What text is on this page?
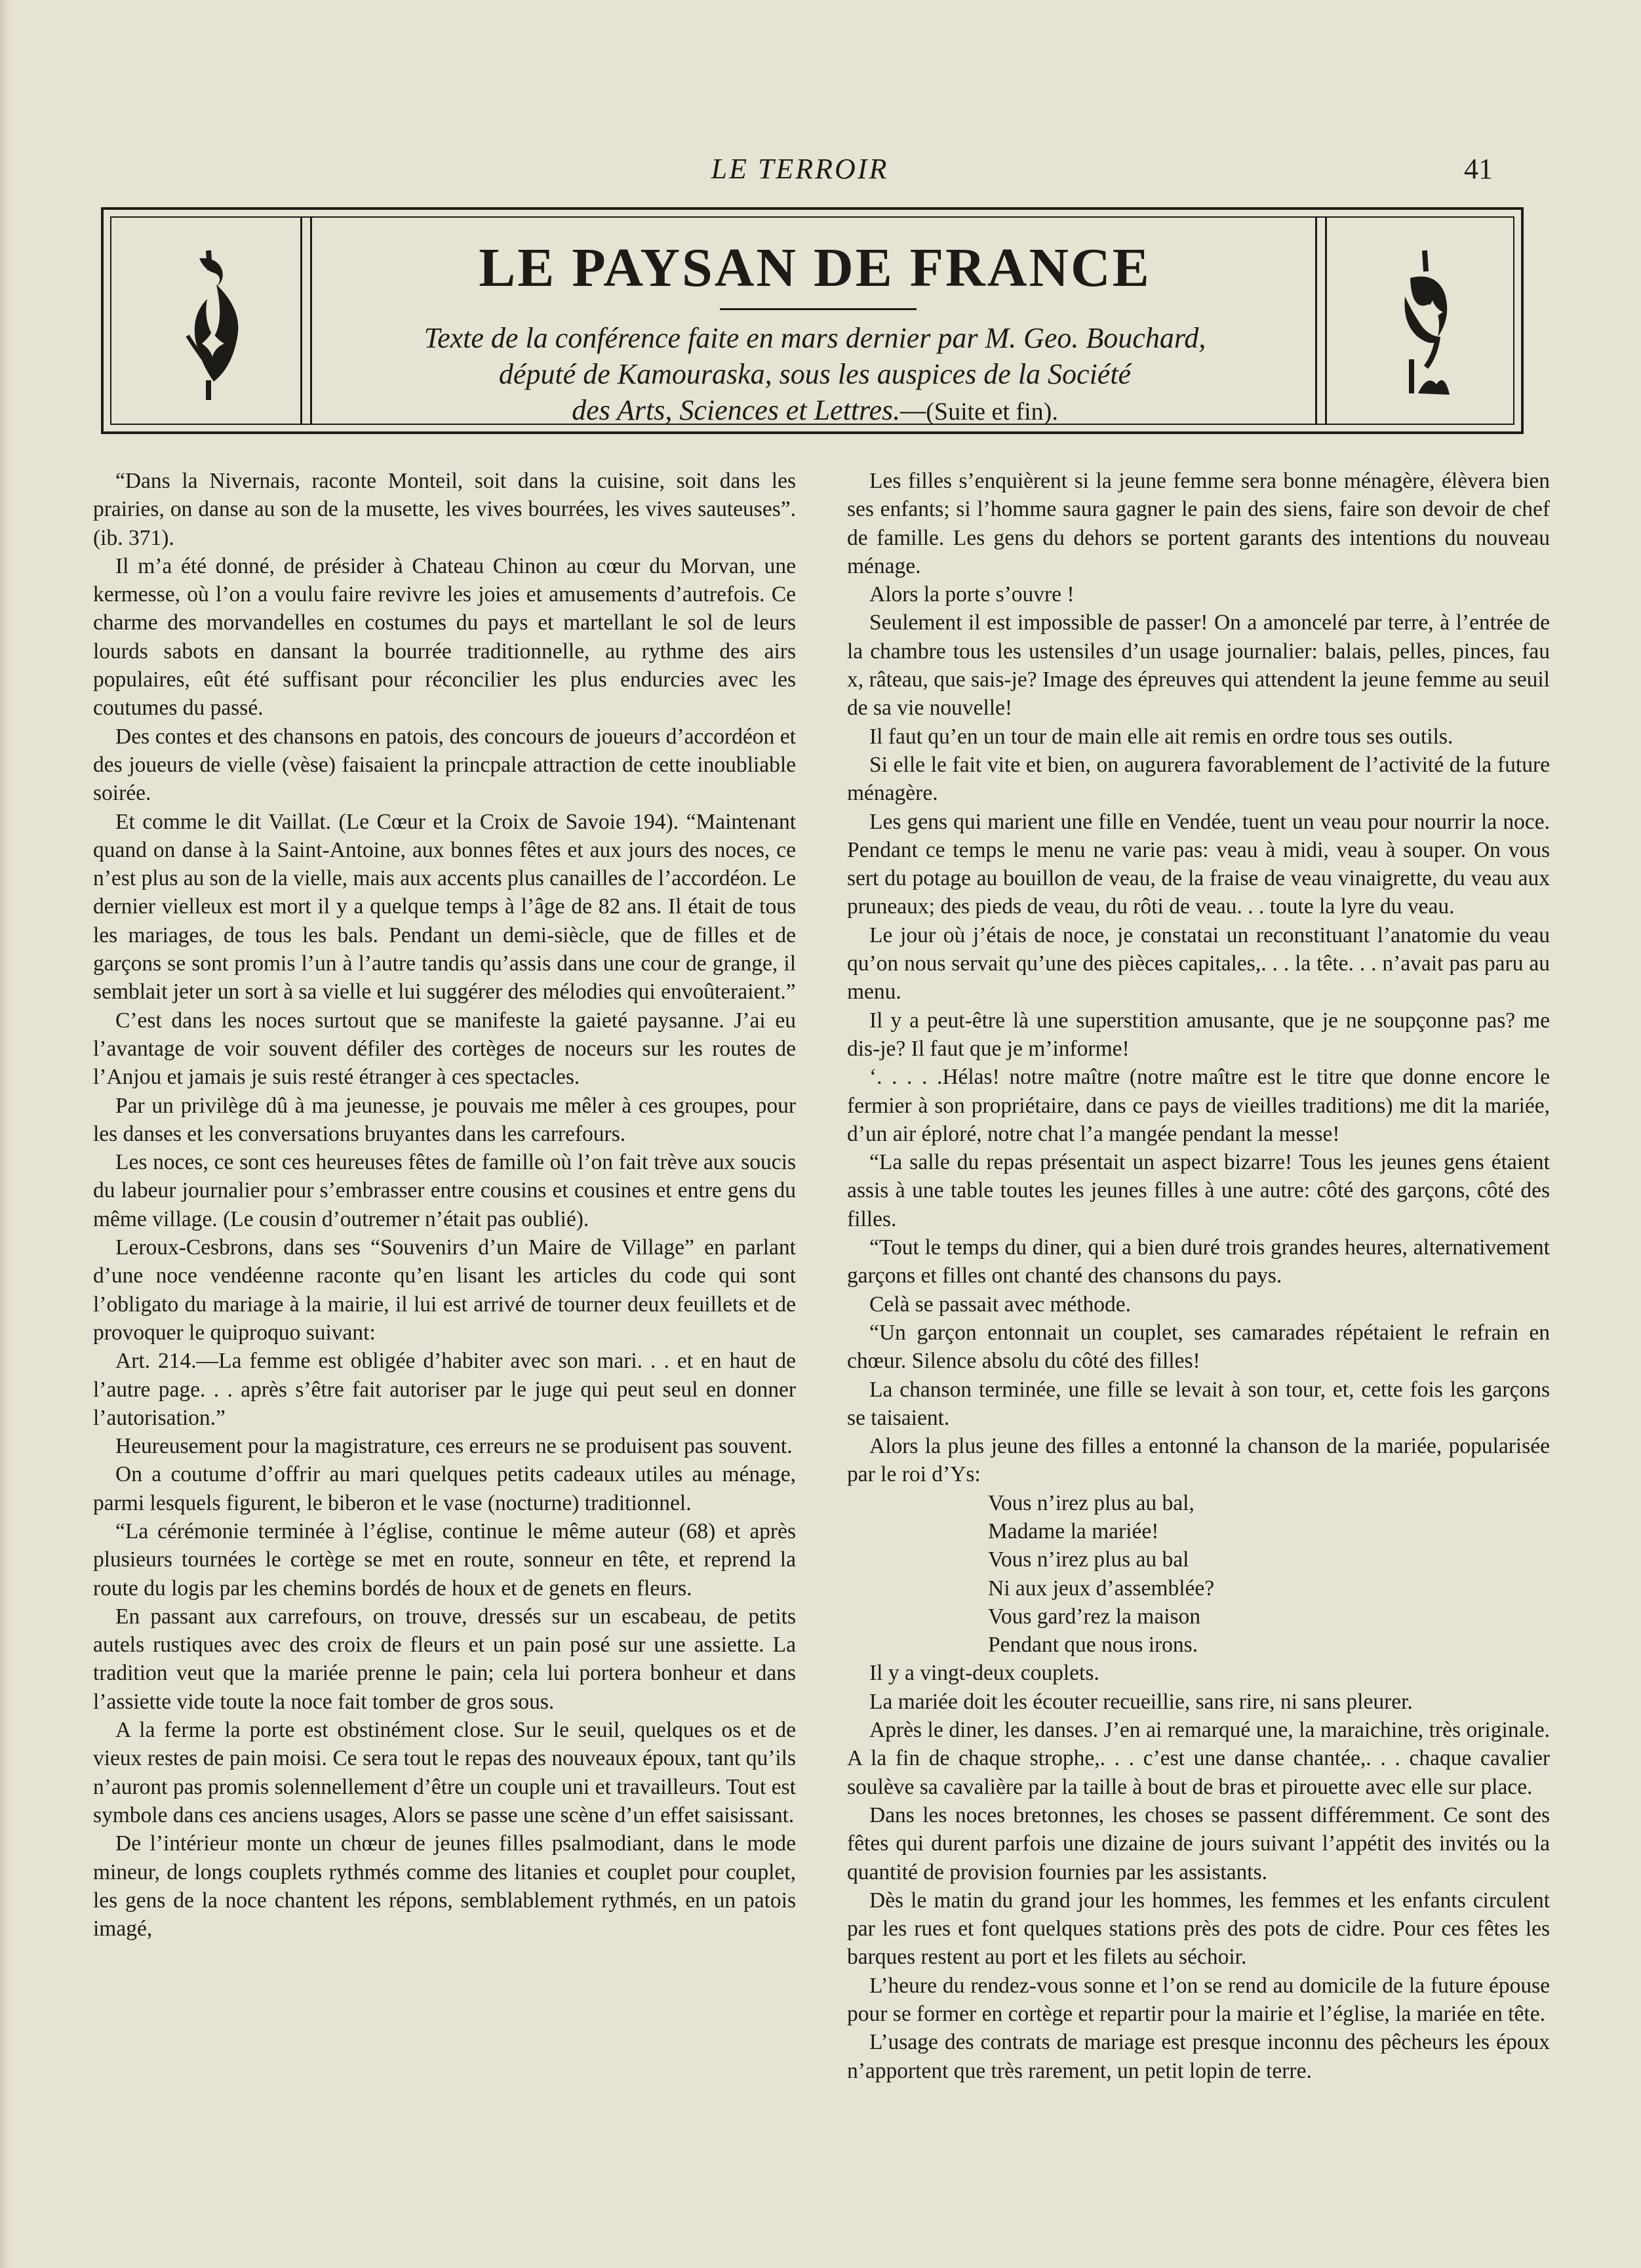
LE TERROIR	41
LE PAYSAN DE FRANCE
Texte de la conférence faite en mars dernier par M. Geo. Bouchard,
député de Kamouraska, sous les auspices de la Société
des Arts, Sciences et Lettres.—(Suite et fin).

“Dans la Nivernais, raconte Monteil, soit dans la cuisine, soit dans les prairies, on danse au son de la musette, les vives bourrées, les vives sauteuses”. (ib. 371).

Il m’a été donné, de présider à Chateau Chinon au cœur du Morvan, une kermesse, où l’on a voulu faire revivre les joies et amusements d’autrefois. Ce charme des morvandelles en costumes du pays et martellant le sol de leurs lourds sabots en dansant la bourrée traditionnelle, au rythme des airs populaires, eût été suffisant pour réconcilier les plus endurcies avec les coutumes du passé.

Des contes et des chansons en patois, des concours de joueurs d’accordéon et des joueurs de vielle (vèse) faisaient la princpale attraction de cette inoubliable soirée.

Et comme le dit Vaillat. (Le Cœur et la Croix de Savoie 194). “Maintenant quand on danse à la Saint-Antoine, aux bonnes fêtes et aux jours des noces, ce n’est plus au son de la vielle, mais aux accents plus canailles de l’accordéon. Le dernier vielleux est mort il y a quelque temps à l’âge de 82 ans. Il était de tous les mariages, de tous les bals. Pendant un demi-siècle, que de filles et de garçons se sont promis l’un à l’autre tandis qu’assis dans une cour de grange, il semblait jeter un sort à sa vielle et lui suggérer des mélodies qui envoûteraient.”

C’est dans les noces surtout que se manifeste la gaieté paysanne. J’ai eu l’avantage de voir souvent défiler des cortèges de noceurs sur les routes de l’Anjou et jamais je suis resté étranger à ces spectacles.

Par un privilège dû à ma jeunesse, je pouvais me mêler à ces groupes, pour les danses et les conversations bruyantes dans les carrefours.

Les noces, ce sont ces heureuses fêtes de famille où l’on fait trève aux soucis du labeur journalier pour s’embrasser entre cousins et cousines et entre gens du même village. (Le cousin d’outremer n’était pas oublié).

Leroux-Cesbrons, dans ses “Souvenirs d’un Maire de Village” en parlant d’une noce vendéenne raconte qu’en lisant les articles du code qui sont l’obligato du mariage à la mairie, il lui est arrivé de tourner deux feuillets et de provoquer le quiproquo suivant:

Art. 214.—La femme est obligée d’habiter avec son mari. . . et en haut de l’autre page. . . après s’être fait autoriser par le juge qui peut seul en donner l’autorisation.”

Heureusement pour la magistrature, ces erreurs ne se produisent pas souvent.

On a coutume d’offrir au mari quelques petits cadeaux utiles au ménage, parmi lesquels figurent, le biberon et le vase (nocturne) traditionnel.

“La cérémonie terminée à l’église, continue le même auteur (68) et après plusieurs tournées le cortège se met en route, sonneur en tête, et reprend la route du logis par les chemins bordés de houx et de genets en fleurs.

En passant aux carrefours, on trouve, dressés sur un escabeau, de petits autels rustiques avec des croix de fleurs et un pain posé sur une assiette. La tradition veut que la mariée prenne le pain; cela lui portera bonheur et dans l’assiette vide toute la noce fait tomber de gros sous.

A la ferme la porte est obstinément close. Sur le seuil, quelques os et de vieux restes de pain moisi. Ce sera tout le repas des nouveaux époux, tant qu’ils n’auront pas promis solennellement d’être un couple uni et travailleurs. Tout est symbole dans ces anciens usages, Alors se passe une scène d’un effet saisissant.

De l’intérieur monte un chœur de jeunes filles psalmodiant, dans le mode mineur, de longs couplets rythmés comme des litanies et couplet pour couplet, les gens de la noce chantent les répons, semblablement rythmés, en un patois imagé,

Les filles s’enquièrent si la jeune femme sera bonne ménagère, élèvera bien ses enfants; si l’homme saura gagner le pain des siens, faire son devoir de chef de famille. Les gens du dehors se portent garants des intentions du nouveau ménage.

Alors la porte s’ouvre !

Seulement il est impossible de passer! On a amoncelé par terre, à l’entrée de la chambre tous les ustensiles d’un usage journalier: balais, pelles, pinces, fau x, râteau, que sais-je? Image des épreuves qui attendent la jeune femme au seuil de sa vie nouvelle!

Il faut qu’en un tour de main elle ait remis en ordre tous ses outils.

Si elle le fait vite et bien, on augurera favorablement de l’activité de la future ménagère.

Les gens qui marient une fille en Vendée, tuent un veau pour nourrir la noce. Pendant ce temps le menu ne varie pas: veau à midi, veau à souper. On vous sert du potage au bouillon de veau, de la fraise de veau vinaigrette, du veau aux pruneaux; des pieds de veau, du rôti de veau. . . toute la lyre du veau.

Le jour où j’étais de noce, je constatai un reconstituant l’anatomie du veau qu’on nous servait qu’une des pièces capitales,. . . la tête. . . n’avait pas paru au menu.

Il y a peut-être là une superstition amusante, que je ne soupçonne pas? me dis-je? Il faut que je m’informe!

‘. . . . .Hélas! notre maître (notre maître est le titre que donne encore le fermier à son propriétaire, dans ce pays de vieilles traditions) me dit la mariée, d’un air éploré, notre chat l’a mangée pendant la messe!

“La salle du repas présentait un aspect bizarre! Tous les jeunes gens étaient assis à une table toutes les jeunes filles à une autre: côté des garçons, côté des filles.

“Tout le temps du diner, qui a bien duré trois grandes heures, alternativement garçons et filles ont chanté des chansons du pays.

Celà se passait avec méthode.

“Un garçon entonnait un couplet, ses camarades répétaient le refrain en chœur. Silence absolu du côté des filles!

La chanson terminée, une fille se levait à son tour, et, cette fois les garçons se taisaient.

Alors la plus jeune des filles a entonné la chanson de la mariée, popularisée par le roi d’Ys:

Vous n’irez plus au bal,

Madame la mariée!

Vous n’irez plus au bal

Ni aux jeux d’assemblée?

Vous gard’rez la maison

Pendant que nous irons.

Il y a vingt-deux couplets.

La mariée doit les écouter recueillie, sans rire, ni sans pleurer.

Après le diner, les danses. J’en ai remarqué une, la maraichine, très originale. A la fin de chaque strophe,. . . c’est une danse chantée,. . . chaque cavalier soulève sa cavalière par la taille à bout de bras et pirouette avec elle sur place.

Dans les noces bretonnes, les choses se passent différemment. Ce sont des fêtes qui durent parfois une dizaine de jours suivant l’appétit des invités ou la quantité de provision fournies par les assistants.

Dès le matin du grand jour les hommes, les femmes et les enfants circulent par les rues et font quelques stations près des pots de cidre. Pour ces fêtes les barques restent au port et les filets au séchoir.

L’heure du rendez-vous sonne et l’on se rend au domicile de la future épouse pour se former en cortège et repartir pour la mairie et l’église, la mariée en tête.

L’usage des contrats de mariage est presque inconnu des pêcheurs les époux n’apportent que très rarement, un petit lopin de terre.
